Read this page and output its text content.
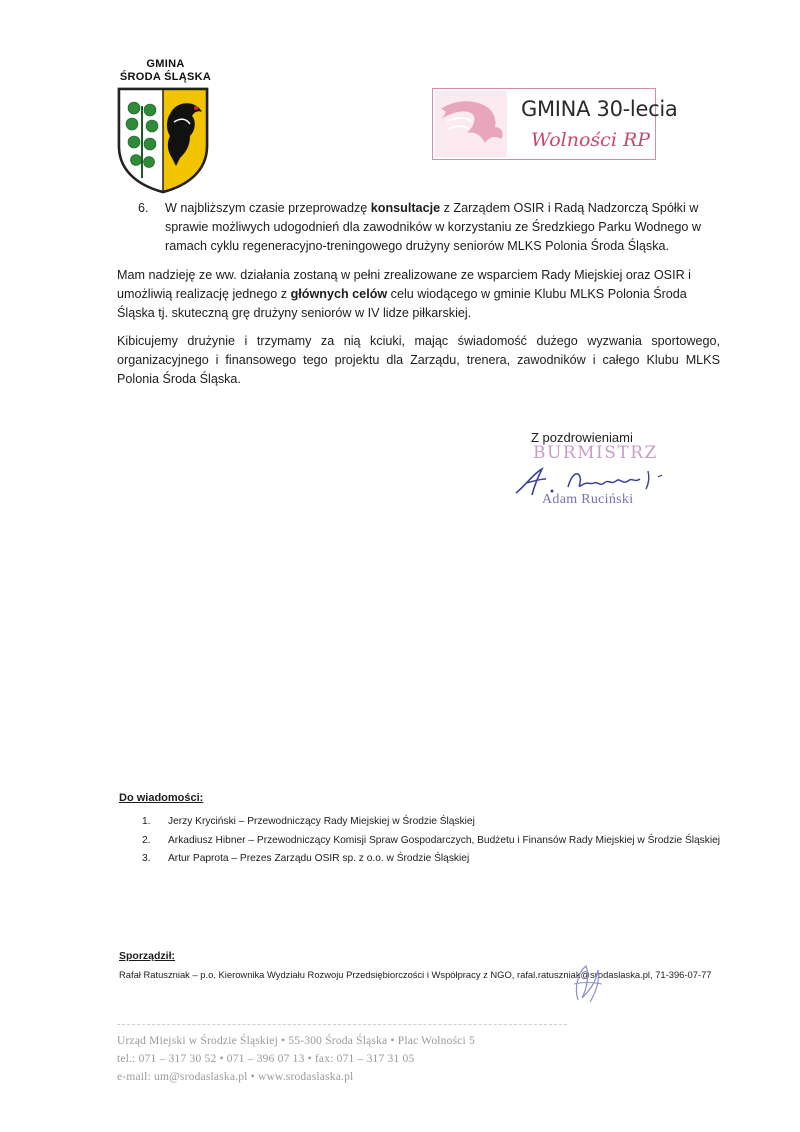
GMINA
ŚRODA ŚLĄSKA
GMINA 30-lecia
Wolności RP
6. W najbliższym czasie przeprowadzę konsultacje z Zarządem OSIR i Radą Nadzorczą Spółki w sprawie możliwych udogodnień dla zawodników w korzystaniu ze Średzkiego Parku Wodnego w ramach cyklu regeneracyjno-treningowego drużyny seniorów MLKS Polonia Środa Śląska.
Mam nadzieję ze ww. działania zostaną w pełni zrealizowane ze wsparciem Rady Miejskiej oraz OSIR i umożliwią realizację jednego z głównych celów celu wiodącego w gminie Klubu MLKS Polonia Środa Śląska tj. skuteczną grę drużyny seniorów w IV lidze piłkarskiej.
Kibicujemy drużynie i trzymamy za nią kciuki, mając świadomość dużego wyzwania sportowego, organizacyjnego i finansowego tego projektu dla Zarządu, trenera, zawodników i całego Klubu MLKS Polonia Środa Śląska.
Z pozdrowieniami
BURMISTRZ
Adam Ruciński
Do wiadomości:
1. Jerzy Kryciński – Przewodniczący Rady Miejskiej w Środzie Śląskiej
2. Arkadiusz Hibner – Przewodniczący Komisji Spraw Gospodarczych, Budżetu i Finansów Rady Miejskiej w Środzie Śląskiej
3. Artur Paprota – Prezes Zarządu OSIR sp. z o.o. w Środzie Śląskiej
Sporządził:
Rafał Ratuszniak – p.o. Kierownika Wydziału Rozwoju Przedsiębiorczości i Współpracy z NGO, rafal.ratuszniak@srodaslaska.pl, 71-396-07-77
Urząd Miejski w Środzie Śląskiej • 55-300 Środa Śląska • Plac Wolności 5
tel.: 071 – 317 30 52 • 071 – 396 07 13 • fax: 071 – 317 31 05
e-mail: um@srodaslaska.pl • www.srodaslaska.pl
